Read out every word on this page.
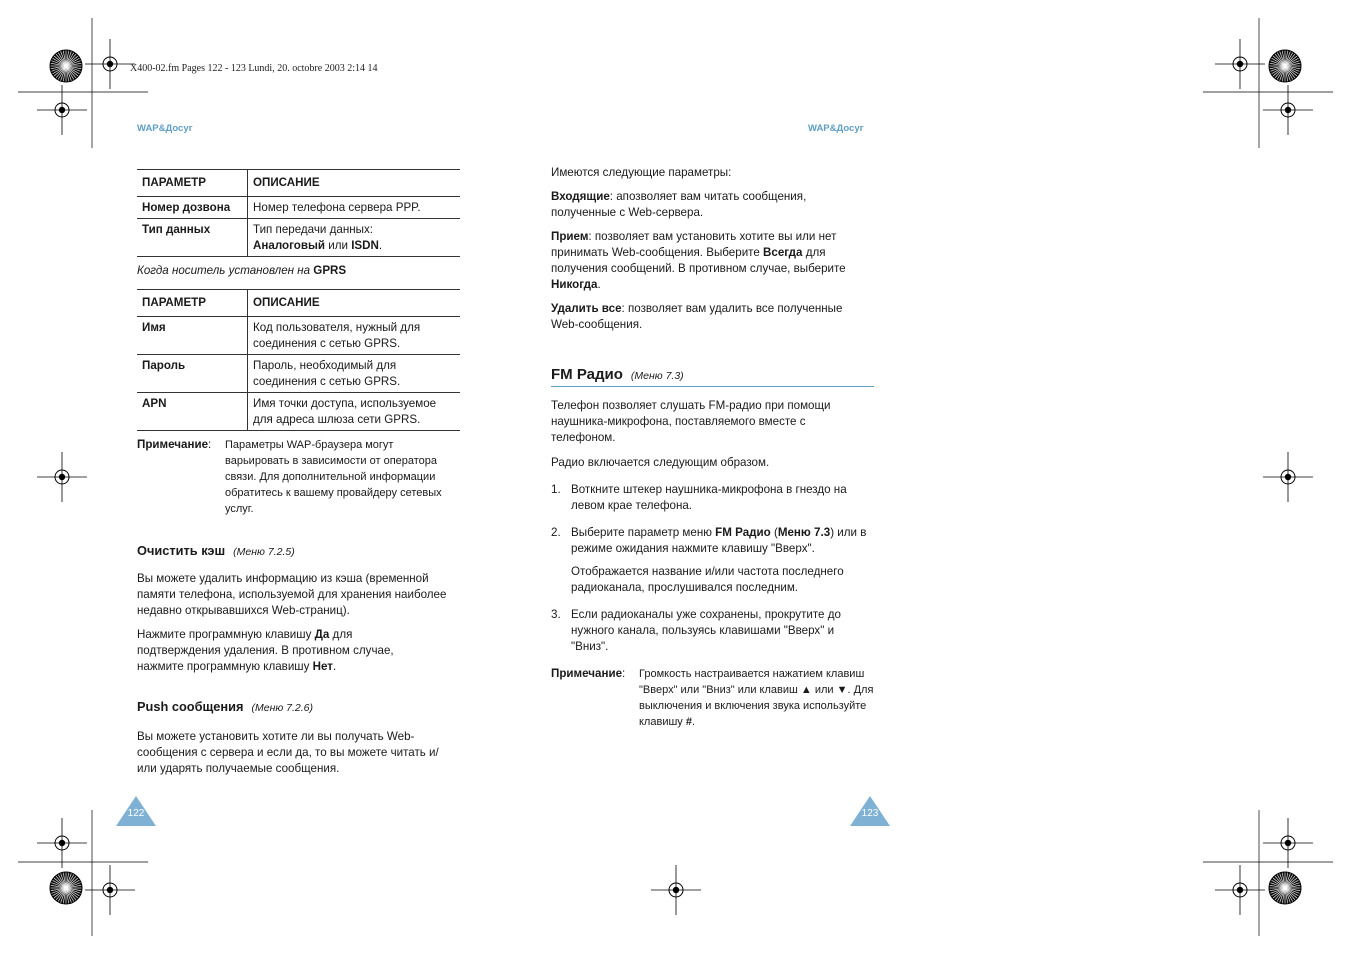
X400-02.fm Pages 122 - 123 Lundi, 20. octobre 2003 2:14 14
WAP&Досуг	WAP&Досуг
ПАРАМЕТР	ОПИСАНИЕ
Номер дозвона	Номер телефона сервера PPP.
Тип данных	Тип передачи данных:
Аналоговый или ISDN.
Когда носитель установлен на GPRS
ПАРАМЕТР	ОПИСАНИЕ
Имя	Код пользователя, нужный для соединения с сетью GPRS.
Пароль	Пароль, необходимый для соединения с сетью GPRS.
APN	Имя точки доступа, используемое для адреса шлюза сети GPRS.
Примечание: Параметры WAP-браузера могут варьировать в зависимости от оператора связи. Для дополнительной информации обратитесь к вашему провайдеру сетевых услуг.
Очистить кэш (Меню 7.2.5)
Вы можете удалить информацию из кэша (временной памяти телефона, используемой для хранения наиболее недавно открывавшихся Web-страниц).
Нажмите программную клавишу Да для подтверждения удаления. В противном случае, нажмите программную клавишу Нет.
Push сообщения (Меню 7.2.6)
Вы можете установить хотите ли вы получать Web-сообщения с сервера и если да, то вы можете читать и/или ударять получаемые сообщения.
122
Имеются следующие параметры:
Входящие: апозволяет вам читать сообщения, полученные с Web-сервера.
Прием: позволяет вам установить хотите вы или нет принимать Web-сообщения. Выберите Всегда для получения сообщений. В противном случае, выберите Никогда.
Удалить все: позволяет вам удалить все полученные Web-сообщения.
FM Радио (Меню 7.3)
Телефон позволяет слушать FM-радио при помощи наушника-микрофона, поставляемого вместе с телефоном.
Радио включается следующим образом.
1. Воткните штекер наушника-микрофона в гнездо на левом крае телефона.
2. Выберите параметр меню FM Радио (Меню 7.3) или в режиме ожидания нажмите клавишу "Вверх".
Отображается название и/или частота последнего радиоканала, прослушивался последним.
3. Если радиоканалы уже сохранены, прокрутите до нужного канала, пользуясь клавишами "Вверх" и "Вниз".
Примечание: Громкость настраивается нажатием клавиш "Вверх" или "Вниз" или клавиш ▲ или ▼. Для выключения и включения звука используйте клавишу #.
123
